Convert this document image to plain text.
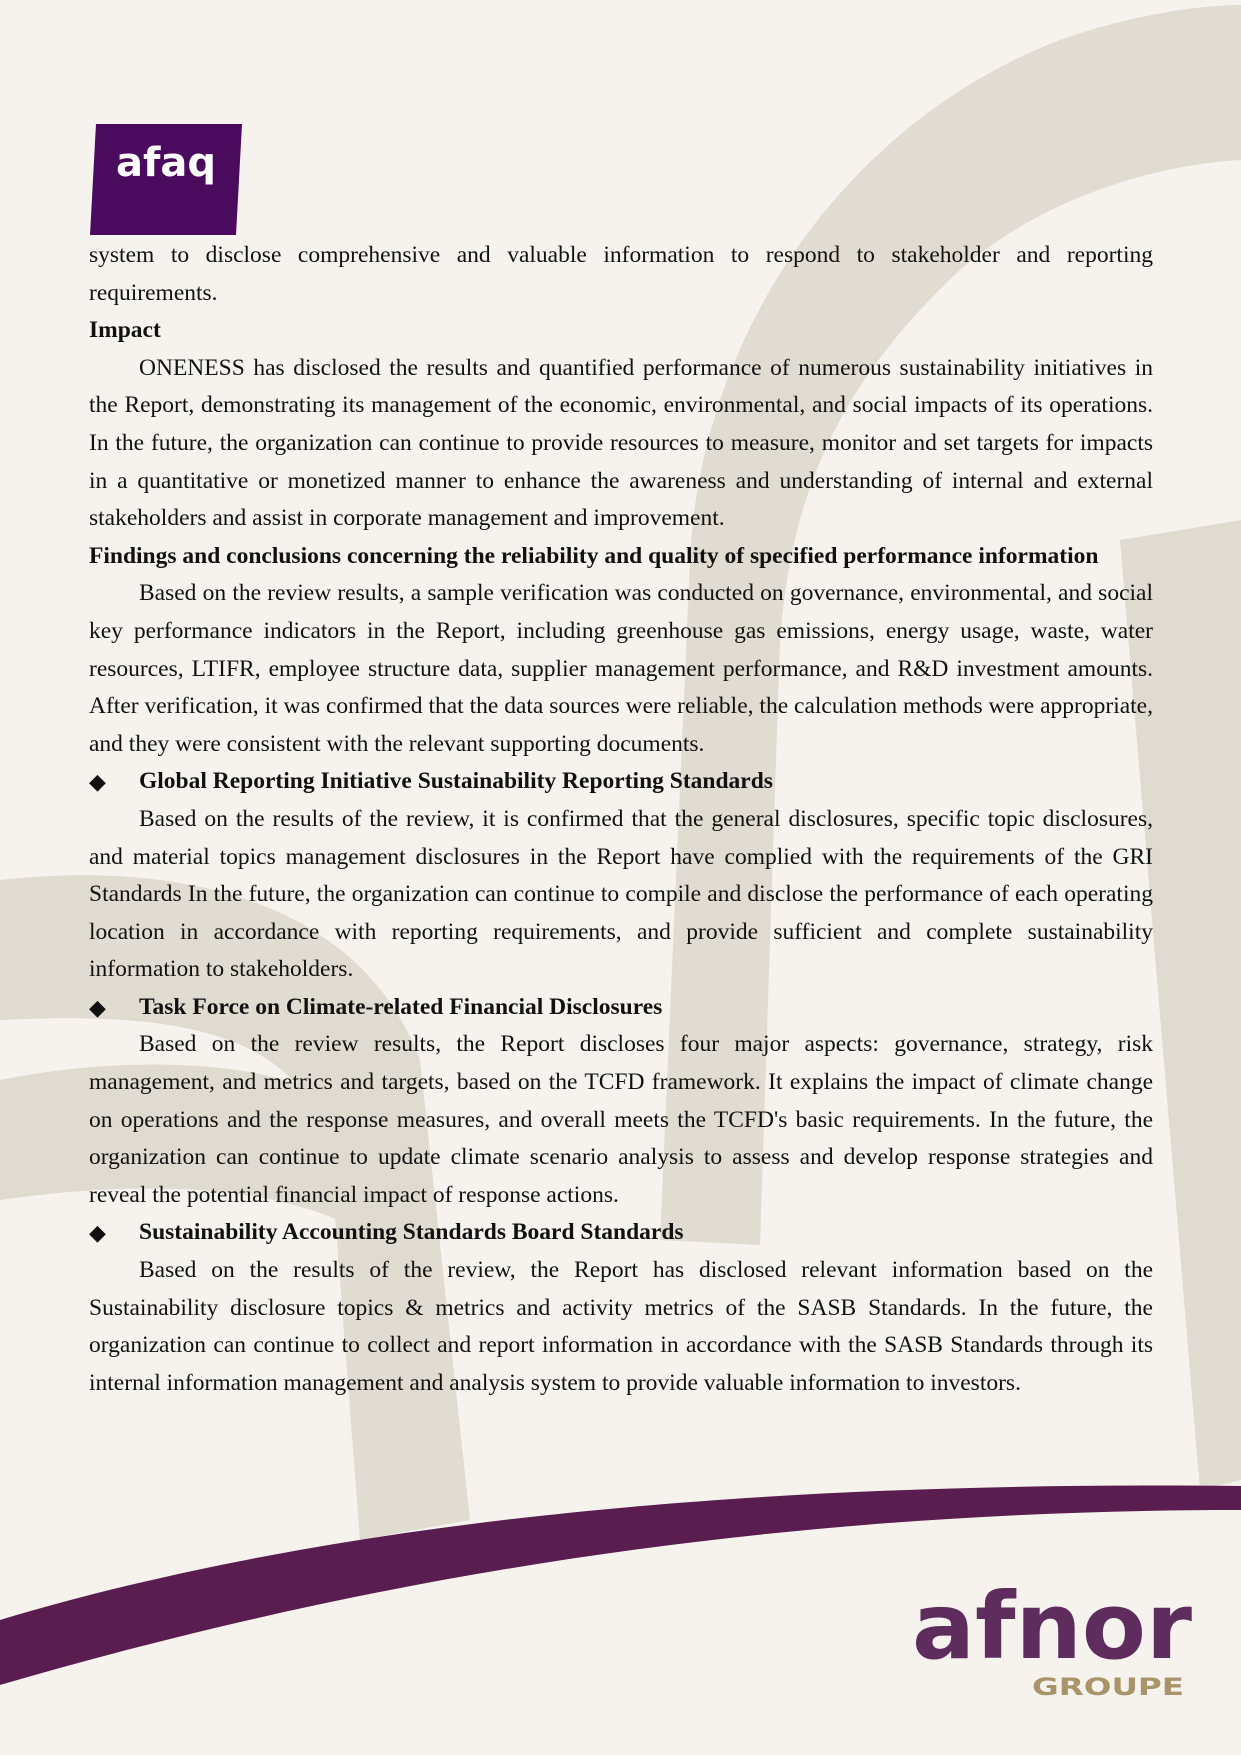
afaq
afnor
GROUPE

system to disclose comprehensive and valuable information to respond to stakeholder and reporting requirements.

Impact

ONENESS has disclosed the results and quantified performance of numerous sustainability initiatives in the Report, demonstrating its management of the economic, environmental, and social impacts of its operations. In the future, the organization can continue to provide resources to measure, monitor and set targets for impacts in a quantitative or monetized manner to enhance the awareness and understanding of internal and external stakeholders and assist in corporate management and improvement.

Findings and conclusions concerning the reliability and quality of specified performance information

Based on the review results, a sample verification was conducted on governance, environmental, and social key performance indicators in the Report, including greenhouse gas emissions, energy usage, waste, water resources, LTIFR, employee structure data, supplier management performance, and R&D investment amounts. After verification, it was confirmed that the data sources were reliable, the calculation methods were appropriate, and they were consistent with the relevant supporting documents.

◆	Global Reporting Initiative Sustainability Reporting Standards

Based on the results of the review, it is confirmed that the general disclosures, specific topic disclosures, and material topics management disclosures in the Report have complied with the requirements of the GRI Standards In the future, the organization can continue to compile and disclose the performance of each operating location in accordance with reporting requirements, and provide sufficient and complete sustainability information to stakeholders.

◆	Task Force on Climate-related Financial Disclosures

Based on the review results, the Report discloses four major aspects: governance, strategy, risk management, and metrics and targets, based on the TCFD framework. It explains the impact of climate change on operations and the response measures, and overall meets the TCFD's basic requirements. In the future, the organization can continue to update climate scenario analysis to assess and develop response strategies and reveal the potential financial impact of response actions.

◆	Sustainability Accounting Standards Board Standards

Based on the results of the review, the Report has disclosed relevant information based on the Sustainability disclosure topics & metrics and activity metrics of the SASB Standards. In the future, the organization can continue to collect and report information in accordance with the SASB Standards through its internal information management and analysis system to provide valuable information to investors.
